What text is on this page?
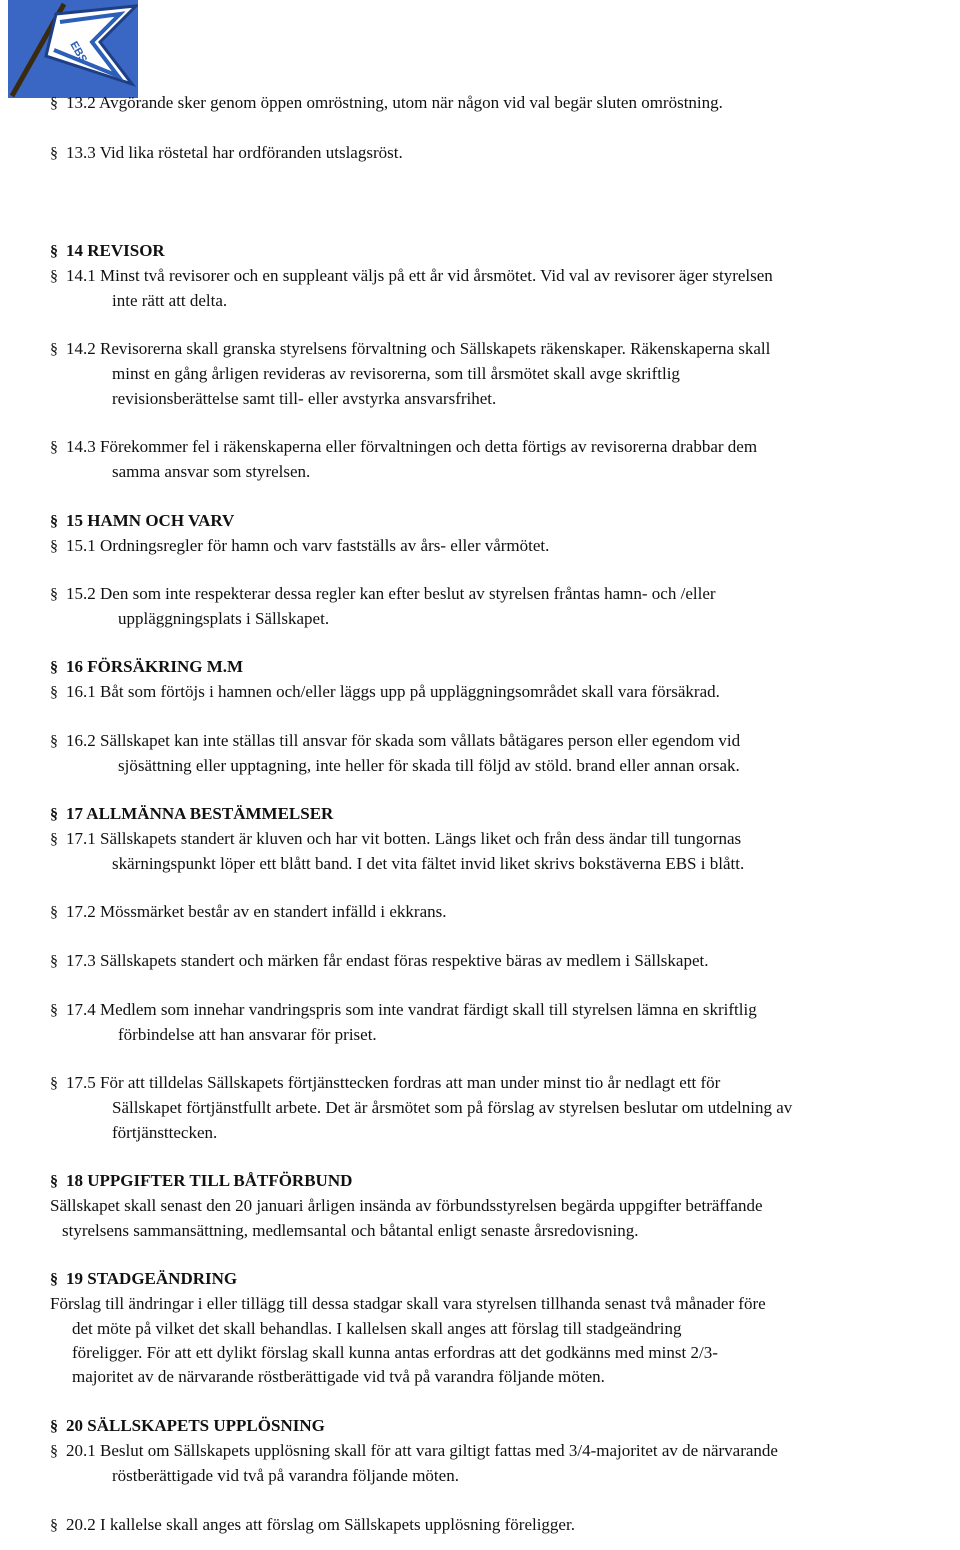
EBS
§ 13.2 Avgörande sker genom öppen omröstning, utom när någon vid val begär sluten omröstning.
§ 13.3 Vid lika röstetal har ordföranden utslagsröst.
§ 14 REVISOR
§ 14.1 Minst två revisorer och en suppleant väljs på ett år vid årsmötet. Vid val av revisorer äger styrelsen
inte rätt att delta.
§ 14.2 Revisorerna skall granska styrelsens förvaltning och Sällskapets räkenskaper. Räkenskaperna skall
minst en gång årligen revideras av revisorerna, som till årsmötet skall avge skriftlig
revisionsberättelse samt till- eller avstyrka ansvarsfrihet.
§ 14.3 Förekommer fel i räkenskaperna eller förvaltningen och detta förtigs av revisorerna drabbar dem
samma ansvar som styrelsen.
§ 15 HAMN OCH VARV
§ 15.1 Ordningsregler för hamn och varv fastställs av års- eller vårmötet.
§ 15.2 Den som inte respekterar dessa regler kan efter beslut av styrelsen fråntas hamn- och /eller
uppläggningsplats i Sällskapet.
§ 16 FÖRSÄKRING M.M
§ 16.1 Båt som förtöjs i hamnen och/eller läggs upp på uppläggningsområdet skall vara försäkrad.
§ 16.2 Sällskapet kan inte ställas till ansvar för skada som vållats båtägares person eller egendom vid
sjösättning eller upptagning, inte heller för skada till följd av stöld. brand eller annan orsak.
§ 17 ALLMÄNNA BESTÄMMELSER
§ 17.1 Sällskapets standert är kluven och har vit botten. Längs liket och från dess ändar till tungornas
skärningspunkt löper ett blått band. I det vita fältet invid liket skrivs bokstäverna EBS i blått.
§ 17.2 Mössmärket består av en standert infälld i ekkrans.
§ 17.3 Sällskapets standert och märken får endast föras respektive bäras av medlem i Sällskapet.
§ 17.4 Medlem som innehar vandringspris som inte vandrat färdigt skall till styrelsen lämna en skriftlig
förbindelse att han ansvarar för priset.
§ 17.5 För att tilldelas Sällskapets förtjänsttecken fordras att man under minst tio år nedlagt ett för
Sällskapet förtjänstfullt arbete. Det är årsmötet som på förslag av styrelsen beslutar om utdelning av
förtjänsttecken.
§ 18 UPPGIFTER TILL BÅTFÖRBUND
Sällskapet skall senast den 20 januari årligen insända av förbundsstyrelsen begärda uppgifter beträffande
styrelsens sammansättning, medlemsantal och båtantal enligt senaste årsredovisning.
§ 19 STADGEÄNDRING
Förslag till ändringar i eller tillägg till dessa stadgar skall vara styrelsen tillhanda senast två månader före
det möte på vilket det skall behandlas. I kallelsen skall anges att förslag till stadgeändring
föreligger. För att ett dylikt förslag skall kunna antas erfordras att det godkänns med minst 2/3-
majoritet av de närvarande röstberättigade vid två på varandra följande möten.
§ 20 SÄLLSKAPETS UPPLÖSNING
§ 20.1 Beslut om Sällskapets upplösning skall för att vara giltigt fattas med 3/4-majoritet av de närvarande
röstberättigade vid två på varandra följande möten.
§ 20.2 I kallelse skall anges att förslag om Sällskapets upplösning föreligger.
